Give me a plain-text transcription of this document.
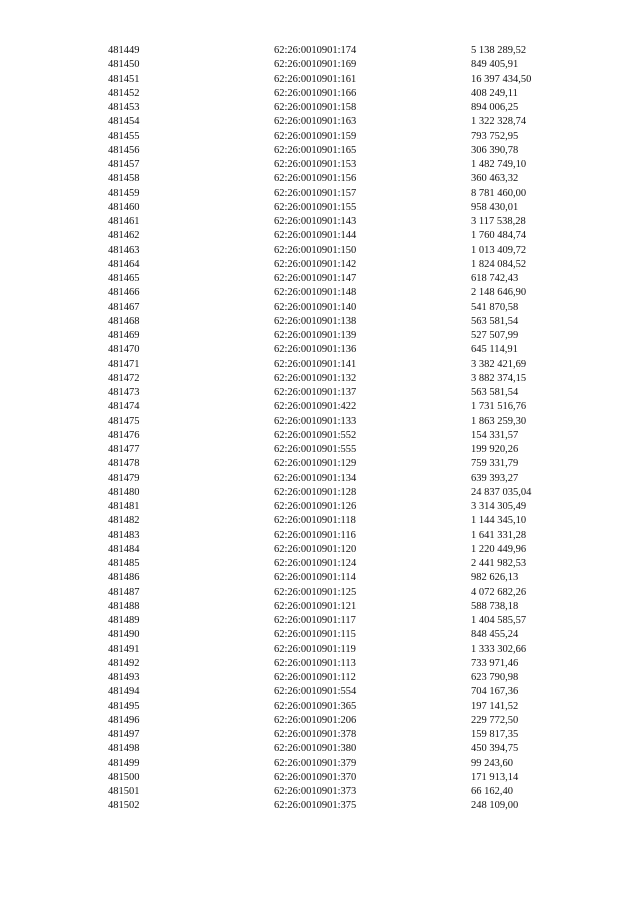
481449	62:26:0010901:174	5 138 289,52
481450	62:26:0010901:169	849 405,91
481451	62:26:0010901:161	16 397 434,50
481452	62:26:0010901:166	408 249,11
481453	62:26:0010901:158	894 006,25
481454	62:26:0010901:163	1 322 328,74
481455	62:26:0010901:159	793 752,95
481456	62:26:0010901:165	306 390,78
481457	62:26:0010901:153	1 482 749,10
481458	62:26:0010901:156	360 463,32
481459	62:26:0010901:157	8 781 460,00
481460	62:26:0010901:155	958 430,01
481461	62:26:0010901:143	3 117 538,28
481462	62:26:0010901:144	1 760 484,74
481463	62:26:0010901:150	1 013 409,72
481464	62:26:0010901:142	1 824 084,52
481465	62:26:0010901:147	618 742,43
481466	62:26:0010901:148	2 148 646,90
481467	62:26:0010901:140	541 870,58
481468	62:26:0010901:138	563 581,54
481469	62:26:0010901:139	527 507,99
481470	62:26:0010901:136	645 114,91
481471	62:26:0010901:141	3 382 421,69
481472	62:26:0010901:132	3 882 374,15
481473	62:26:0010901:137	563 581,54
481474	62:26:0010901:422	1 731 516,76
481475	62:26:0010901:133	1 863 259,30
481476	62:26:0010901:552	154 331,57
481477	62:26:0010901:555	199 920,26
481478	62:26:0010901:129	759 331,79
481479	62:26:0010901:134	639 393,27
481480	62:26:0010901:128	24 837 035,04
481481	62:26:0010901:126	3 314 305,49
481482	62:26:0010901:118	1 144 345,10
481483	62:26:0010901:116	1 641 331,28
481484	62:26:0010901:120	1 220 449,96
481485	62:26:0010901:124	2 441 982,53
481486	62:26:0010901:114	982 626,13
481487	62:26:0010901:125	4 072 682,26
481488	62:26:0010901:121	588 738,18
481489	62:26:0010901:117	1 404 585,57
481490	62:26:0010901:115	848 455,24
481491	62:26:0010901:119	1 333 302,66
481492	62:26:0010901:113	733 971,46
481493	62:26:0010901:112	623 790,98
481494	62:26:0010901:554	704 167,36
481495	62:26:0010901:365	197 141,52
481496	62:26:0010901:206	229 772,50
481497	62:26:0010901:378	159 817,35
481498	62:26:0010901:380	450 394,75
481499	62:26:0010901:379	99 243,60
481500	62:26:0010901:370	171 913,14
481501	62:26:0010901:373	66 162,40
481502	62:26:0010901:375	248 109,00
